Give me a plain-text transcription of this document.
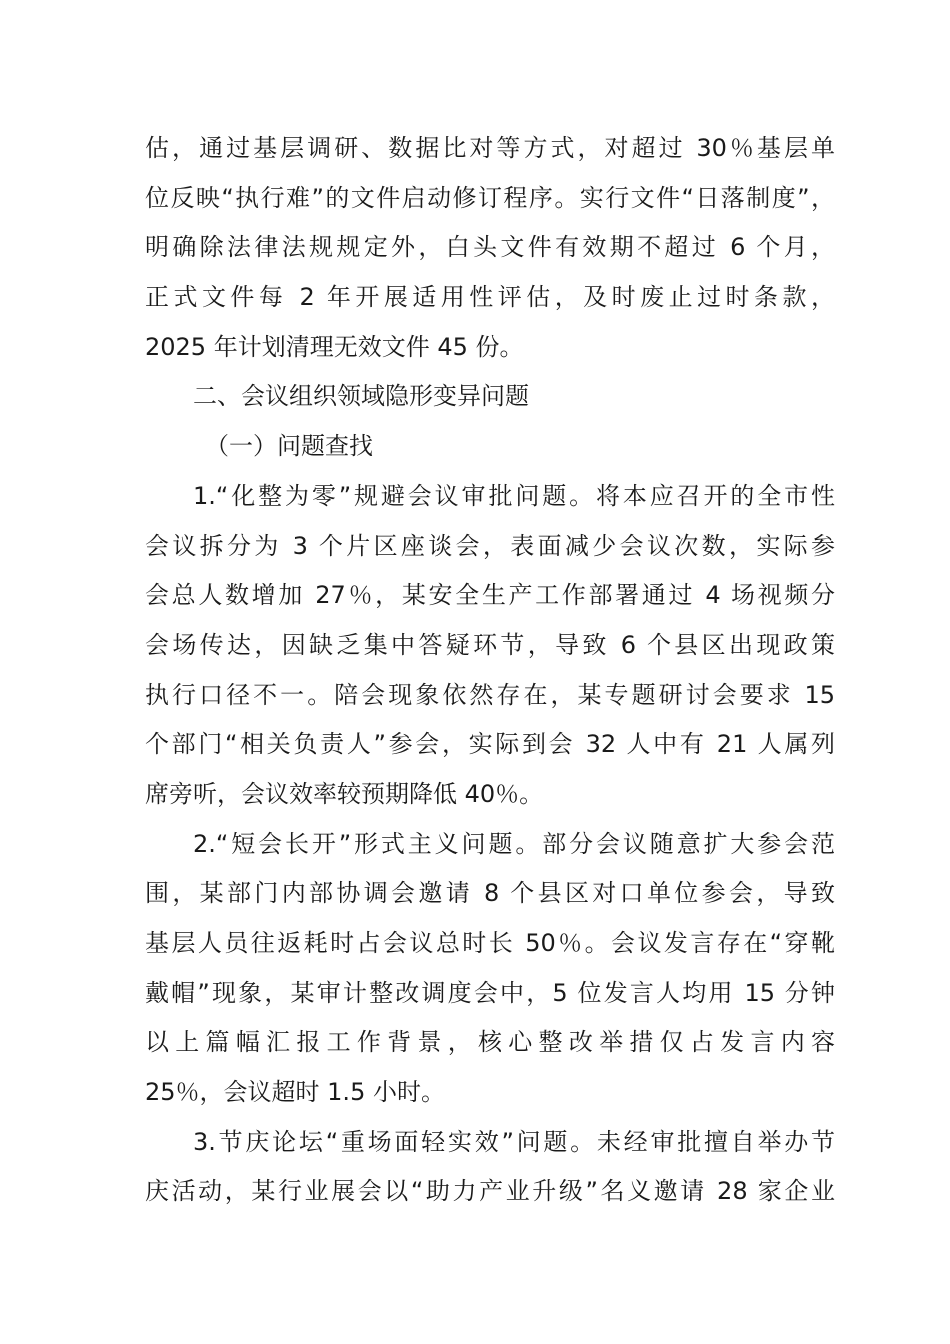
估，通过基层调研、数据比对等方式，对超过 30％基层单
位反映“执行难”的文件启动修订程序。实行文件“日落制度”，
明确除法律法规规定外，白头文件有效期不超过 6 个月，
正式文件每 2 年开展适用性评估，及时废止过时条款，
2025 年计划清理无效文件 45 份。
二、会议组织领域隐形变异问题
（一）问题查找
1.“化整为零”规避会议审批问题。将本应召开的全市性
会议拆分为 3 个片区座谈会，表面减少会议次数，实际参
会总人数增加 27％，某安全生产工作部署通过 4 场视频分
会场传达，因缺乏集中答疑环节，导致 6 个县区出现政策
执行口径不一。陪会现象依然存在，某专题研讨会要求 15
个部门“相关负责人”参会，实际到会 32 人中有 21 人属列
席旁听，会议效率较预期降低 40％。
2.“短会长开”形式主义问题。部分会议随意扩大参会范
围，某部门内部协调会邀请 8 个县区对口单位参会，导致
基层人员往返耗时占会议总时长 50％。会议发言存在“穿靴
戴帽”现象，某审计整改调度会中，5 位发言人均用 15 分钟
以上篇幅汇报工作背景，核心整改举措仅占发言内容
25％，会议超时 1.5 小时。
3.节庆论坛“重场面轻实效”问题。未经审批擅自举办节
庆活动，某行业展会以“助力产业升级”名义邀请 28 家企业
